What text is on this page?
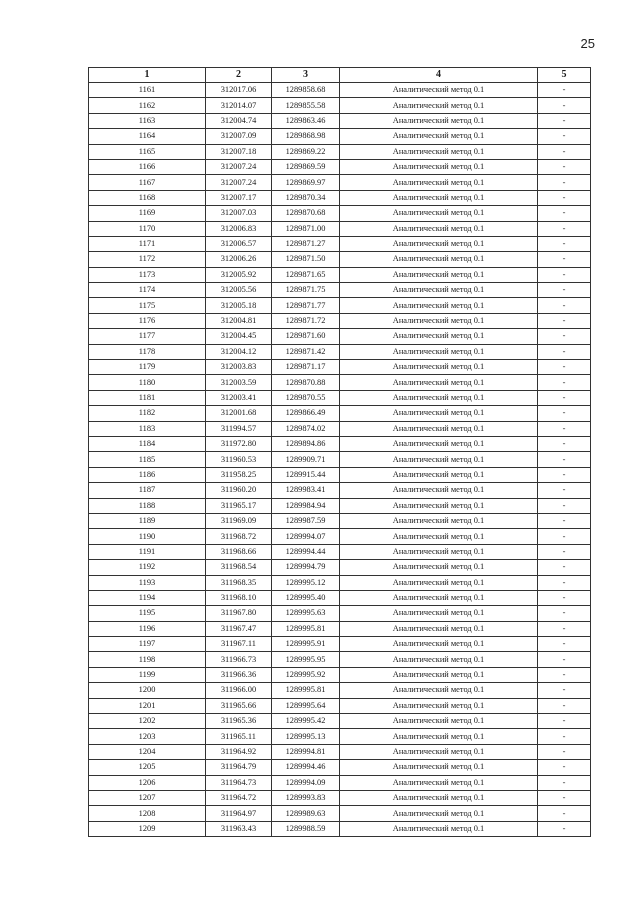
25
1	2	3	4	5
1161	312017.06	1289858.68	Аналитический метод 0.1	-
1162	312014.07	1289855.58	Аналитический метод 0.1	-
1163	312004.74	1289863.46	Аналитический метод 0.1	-
1164	312007.09	1289868.98	Аналитический метод 0.1	-
1165	312007.18	1289869.22	Аналитический метод 0.1	-
1166	312007.24	1289869.59	Аналитический метод 0.1	-
1167	312007.24	1289869.97	Аналитический метод 0.1	-
1168	312007.17	1289870.34	Аналитический метод 0.1	-
1169	312007.03	1289870.68	Аналитический метод 0.1	-
1170	312006.83	1289871.00	Аналитический метод 0.1	-
1171	312006.57	1289871.27	Аналитический метод 0.1	-
1172	312006.26	1289871.50	Аналитический метод 0.1	-
1173	312005.92	1289871.65	Аналитический метод 0.1	-
1174	312005.56	1289871.75	Аналитический метод 0.1	-
1175	312005.18	1289871.77	Аналитический метод 0.1	-
1176	312004.81	1289871.72	Аналитический метод 0.1	-
1177	312004.45	1289871.60	Аналитический метод 0.1	-
1178	312004.12	1289871.42	Аналитический метод 0.1	-
1179	312003.83	1289871.17	Аналитический метод 0.1	-
1180	312003.59	1289870.88	Аналитический метод 0.1	-
1181	312003.41	1289870.55	Аналитический метод 0.1	-
1182	312001.68	1289866.49	Аналитический метод 0.1	-
1183	311994.57	1289874.02	Аналитический метод 0.1	-
1184	311972.80	1289894.86	Аналитический метод 0.1	-
1185	311960.53	1289909.71	Аналитический метод 0.1	-
1186	311958.25	1289915.44	Аналитический метод 0.1	-
1187	311960.20	1289983.41	Аналитический метод 0.1	-
1188	311965.17	1289984.94	Аналитический метод 0.1	-
1189	311969.09	1289987.59	Аналитический метод 0.1	-
1190	311968.72	1289994.07	Аналитический метод 0.1	-
1191	311968.66	1289994.44	Аналитический метод 0.1	-
1192	311968.54	1289994.79	Аналитический метод 0.1	-
1193	311968.35	1289995.12	Аналитический метод 0.1	-
1194	311968.10	1289995.40	Аналитический метод 0.1	-
1195	311967.80	1289995.63	Аналитический метод 0.1	-
1196	311967.47	1289995.81	Аналитический метод 0.1	-
1197	311967.11	1289995.91	Аналитический метод 0.1	-
1198	311966.73	1289995.95	Аналитический метод 0.1	-
1199	311966.36	1289995.92	Аналитический метод 0.1	-
1200	311966.00	1289995.81	Аналитический метод 0.1	-
1201	311965.66	1289995.64	Аналитический метод 0.1	-
1202	311965.36	1289995.42	Аналитический метод 0.1	-
1203	311965.11	1289995.13	Аналитический метод 0.1	-
1204	311964.92	1289994.81	Аналитический метод 0.1	-
1205	311964.79	1289994.46	Аналитический метод 0.1	-
1206	311964.73	1289994.09	Аналитический метод 0.1	-
1207	311964.72	1289993.83	Аналитический метод 0.1	-
1208	311964.97	1289989.63	Аналитический метод 0.1	-
1209	311963.43	1289988.59	Аналитический метод 0.1	-
